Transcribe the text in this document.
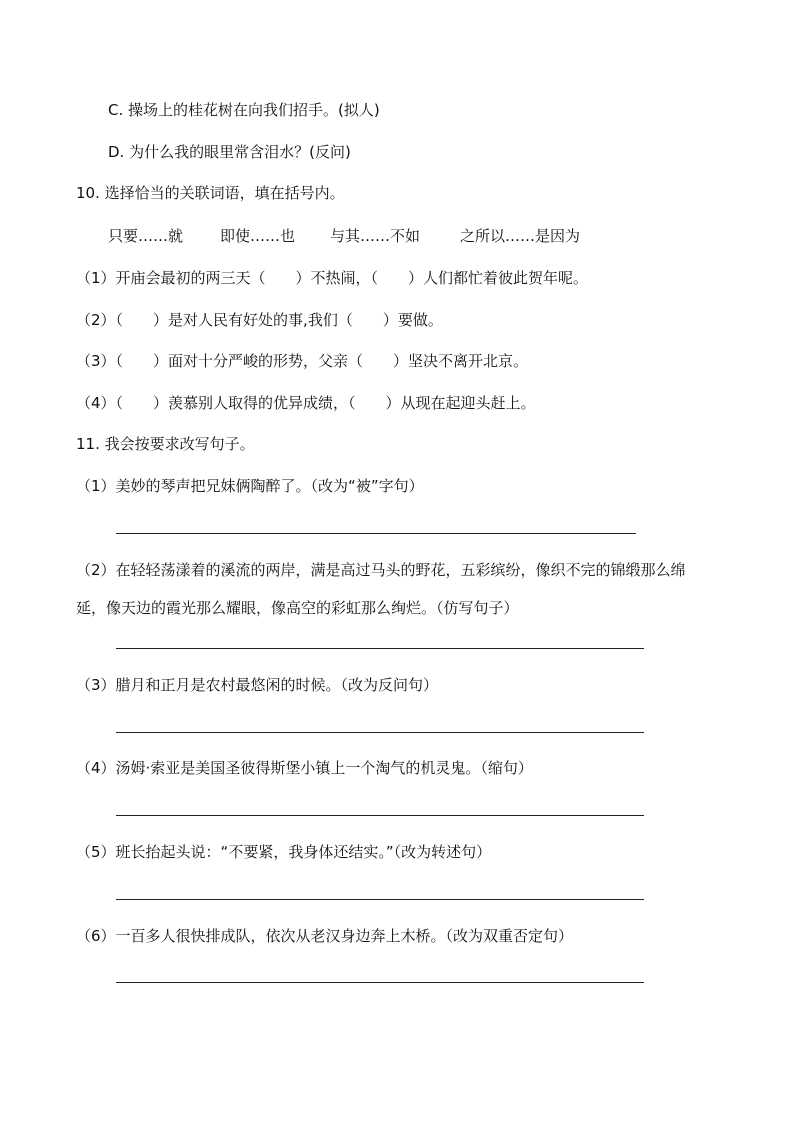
C. 操场上的桂花树在向我们招手。(拟人)
D. 为什么我的眼里常含泪水？(反问)
10. 选择恰当的关联词语，填在括号内。
只要……就 即使……也 与其……不如	之所以……是因为
（1）开庙会最初的两三天（　　）不热闹，（　　）人们都忙着彼此贺年呢。
（2）（　　）是对人民有好处的事,我们（　　）要做。
（3）（　　）面对十分严峻的形势，父亲（　　）坚决不离开北京。
（4）（　　）羡慕别人取得的优异成绩，（　　）从现在起迎头赶上。
11. 我会按要求改写句子。
（1）美妙的琴声把兄妹俩陶醉了。（改为“被”字句）
（2）在轻轻荡漾着的溪流的两岸，满是高过马头的野花，五彩缤纷，像织不完的锦缎那么绵
延，像天边的霞光那么耀眼，像高空的彩虹那么绚烂。（仿写句子）
（3）腊月和正月是农村最悠闲的时候。（改为反问句）
（4）汤姆·索亚是美国圣彼得斯堡小镇上一个淘气的机灵鬼。（缩句）
（5）班长抬起头说：“不要紧，我身体还结实。”（改为转述句）
（6）一百多人很快排成队，依次从老汉身边奔上木桥。（改为双重否定句）
